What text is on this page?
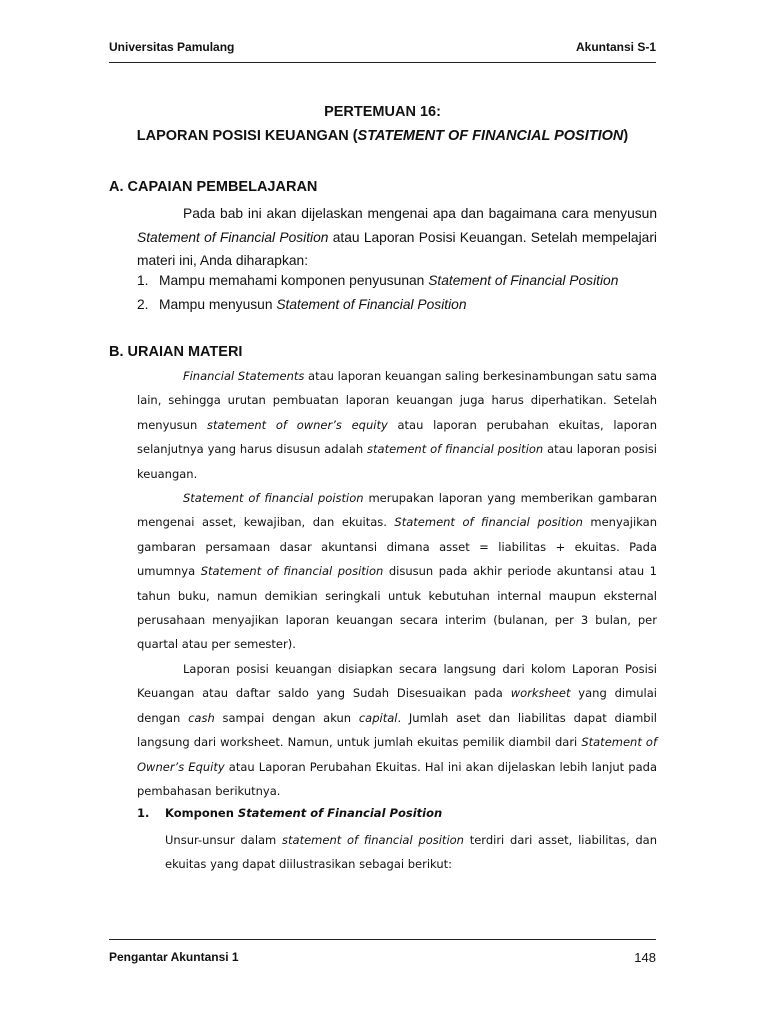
Universitas Pamulang	Akuntansi S-1
PERTEMUAN 16:
LAPORAN POSISI KEUANGAN (STATEMENT OF FINANCIAL POSITION)
A. CAPAIAN PEMBELAJARAN
Pada bab ini akan dijelaskan mengenai apa dan bagaimana cara menyusun Statement of Financial Position atau Laporan Posisi Keuangan. Setelah mempelajari materi ini, Anda diharapkan:
1. Mampu memahami komponen penyusunan Statement of Financial Position
2. Mampu menyusun Statement of Financial Position
B. URAIAN MATERI
Financial Statements atau laporan keuangan saling berkesinambungan satu sama lain, sehingga urutan pembuatan laporan keuangan juga harus diperhatikan. Setelah menyusun statement of owner’s equity atau laporan perubahan ekuitas, laporan selanjutnya yang harus disusun adalah statement of financial position atau laporan posisi keuangan.
Statement of financial poistion merupakan laporan yang memberikan gambaran mengenai asset, kewajiban, dan ekuitas. Statement of financial position menyajikan gambaran persamaan dasar akuntansi dimana asset = liabilitas + ekuitas. Pada umumnya Statement of financial position disusun pada akhir periode akuntansi atau 1 tahun buku, namun demikian seringkali untuk kebutuhan internal maupun eksternal perusahaan menyajikan laporan keuangan secara interim (bulanan, per 3 bulan, per quartal atau per semester).
Laporan posisi keuangan disiapkan secara langsung dari kolom Laporan Posisi Keuangan atau daftar saldo yang Sudah Disesuaikan pada worksheet yang dimulai dengan cash sampai dengan akun capital. Jumlah aset dan liabilitas dapat diambil langsung dari worksheet. Namun, untuk jumlah ekuitas pemilik diambil dari Statement of Owner’s Equity atau Laporan Perubahan Ekuitas. Hal ini akan dijelaskan lebih lanjut pada pembahasan berikutnya.
1. Komponen Statement of Financial Position
Unsur-unsur dalam statement of financial position terdiri dari asset, liabilitas, dan ekuitas yang dapat diilustrasikan sebagai berikut:
Pengantar Akuntansi 1	148
